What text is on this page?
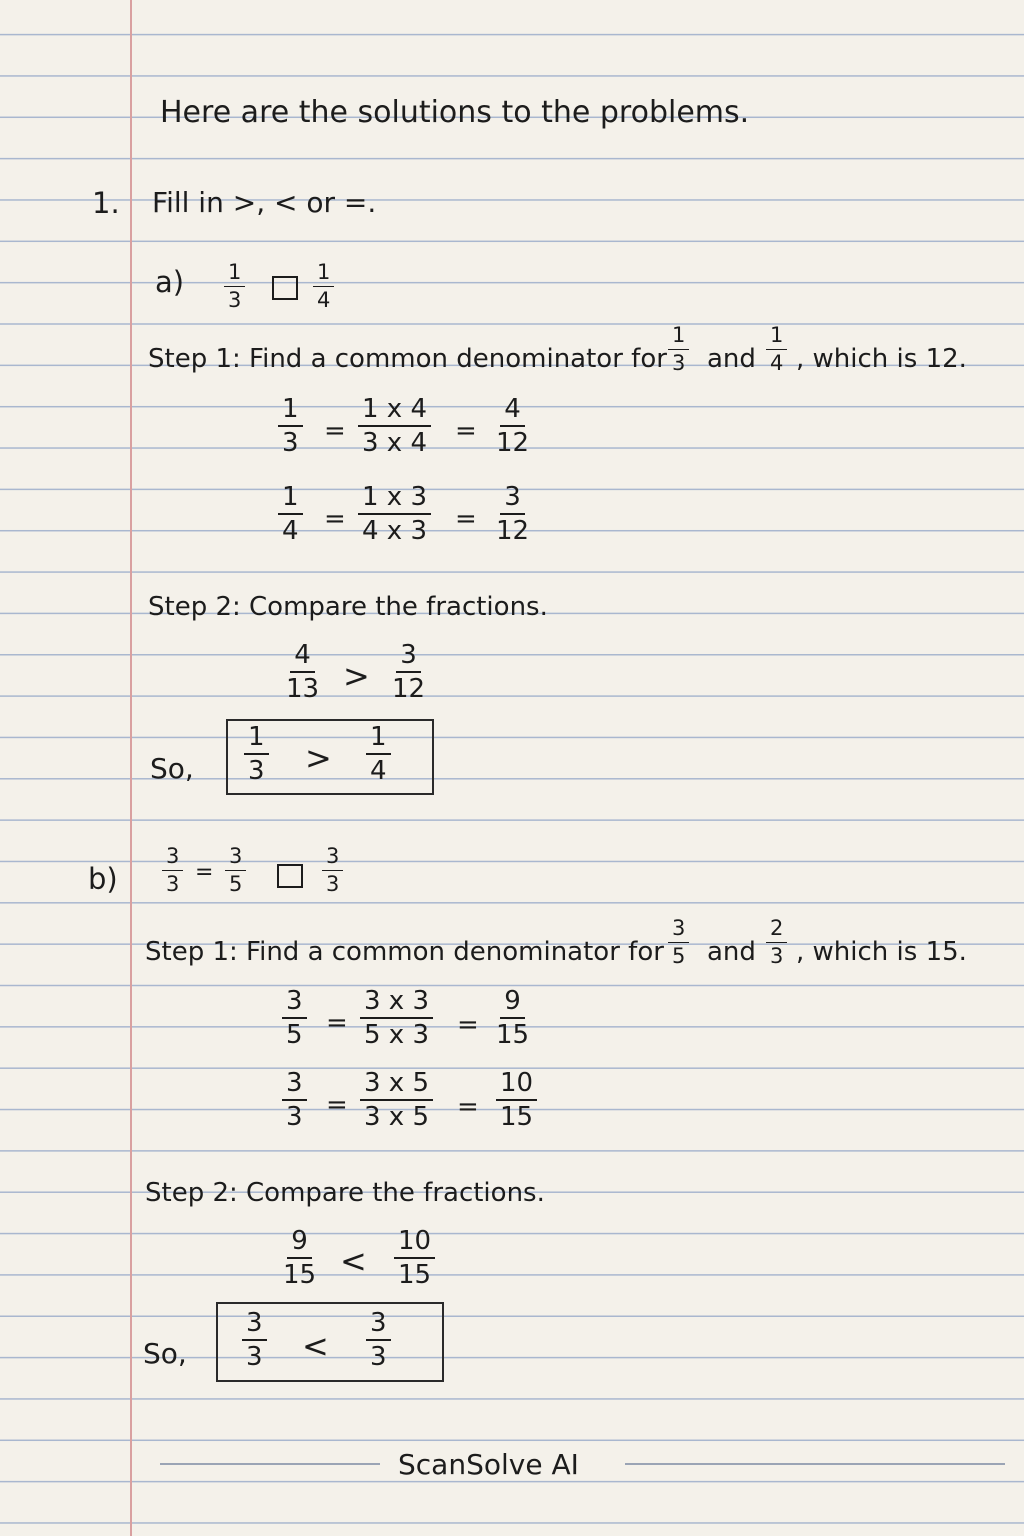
Here are the solutions to the problems.
1. Fill in >, < or =.
$a) \frac{1}{3}$	$\frac{1}{4}$
Step 1: Find a common denominator for $\frac{1}{3}$ and $\frac{1}{4}$ , which is 12.
$\frac{1}{3} = \frac{1 x 4}{3 x 4} = \frac{4}{12}$
$\frac{1}{4} = \frac{1 x 3}{4 x 3} = \frac{3}{12}$
Step 2: Compare the fractions.
$\frac{4}{13} > \frac{3}{12}$
So, $\frac{1}{3} > \frac{1}{4}$
$b) \frac{3}{3} = \frac{3}{5}$	$\frac{3}{3}$
Step 1: Find a common denominator for $\frac{3}{5}$ and $\frac{2}{3}$ , which is 15.
$\frac{3}{5} = \frac{3 x 3}{5 x 3} = \frac{9}{15}$
$\frac{3}{3} = \frac{3 x 5}{3 x 5} = \frac{10}{15}$
Step 2: Compare the fractions.
$\frac{9}{15} < \frac{10}{15}$
So, $\frac{3}{3} < \frac{3}{3}$
ScanSolve AI
